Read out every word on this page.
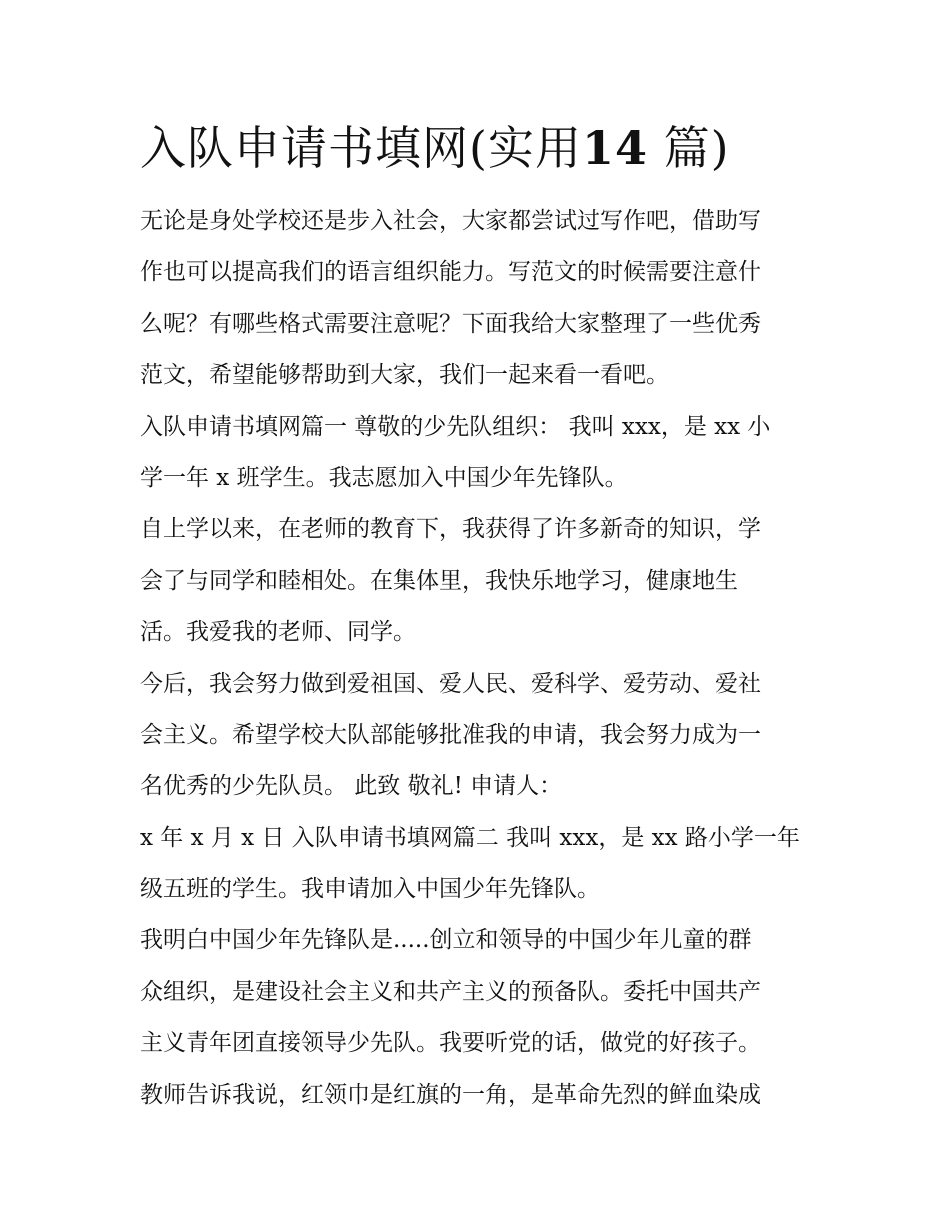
入队申请书填网(实用14 篇)
无论是身处学校还是步入社会，大家都尝试过写作吧，借助写
作也可以提高我们的语言组织能力。写范文的时候需要注意什
么呢？有哪些格式需要注意呢？下面我给大家整理了一些优秀
范文，希望能够帮助到大家，我们一起来看一看吧。
入队申请书填网篇一 尊敬的少先队组织： 我叫 xxx，是 xx 小
学一年 x 班学生。我志愿加入中国少年先锋队。
自上学以来，在老师的教育下，我获得了许多新奇的知识，学
会了与同学和睦相处。在集体里，我快乐地学习，健康地生
活。我爱我的老师、同学。
今后，我会努力做到爱祖国、爱人民、爱科学、爱劳动、爱社
会主义。希望学校大队部能够批准我的申请，我会努力成为一
名优秀的少先队员。 此致 敬礼! 申请人：
x 年 x 月 x 日 入队申请书填网篇二 我叫 xxx，是 xx 路小学一年
级五班的学生。我申请加入中国少年先锋队。
我明白中国少年先锋队是.....创立和领导的中国少年儿童的群
众组织，是建设社会主义和共产主义的预备队。委托中国共产
主义青年团直接领导少先队。我要听党的话，做党的好孩子。
教师告诉我说，红领巾是红旗的一角，是革命先烈的鲜血染成
